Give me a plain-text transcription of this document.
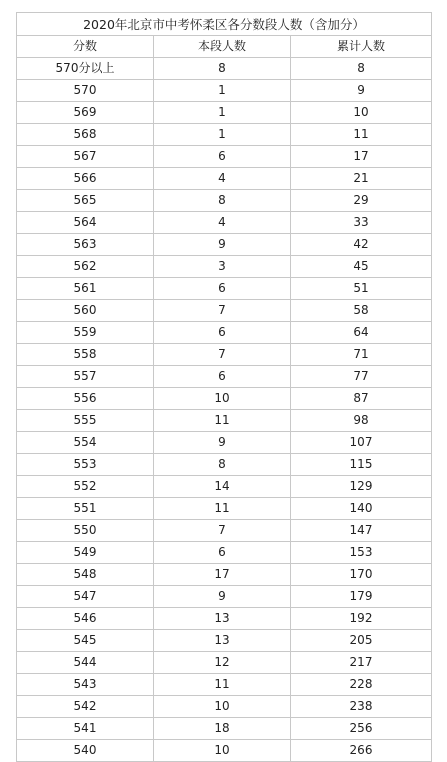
2020年北京市中考怀柔区各分数段人数（含加分）		
分数	本段人数	累计人数
570分以上	8	8
570	1	9
569	1	10
568	1	11
567	6	17
566	4	21
565	8	29
564	4	33
563	9	42
562	3	45
561	6	51
560	7	58
559	6	64
558	7	71
557	6	77
556	10	87
555	11	98
554	9	107
553	8	115
552	14	129
551	11	140
550	7	147
549	6	153
548	17	170
547	9	179
546	13	192
545	13	205
544	12	217
543	11	228
542	10	238
541	18	256
540	10	266
